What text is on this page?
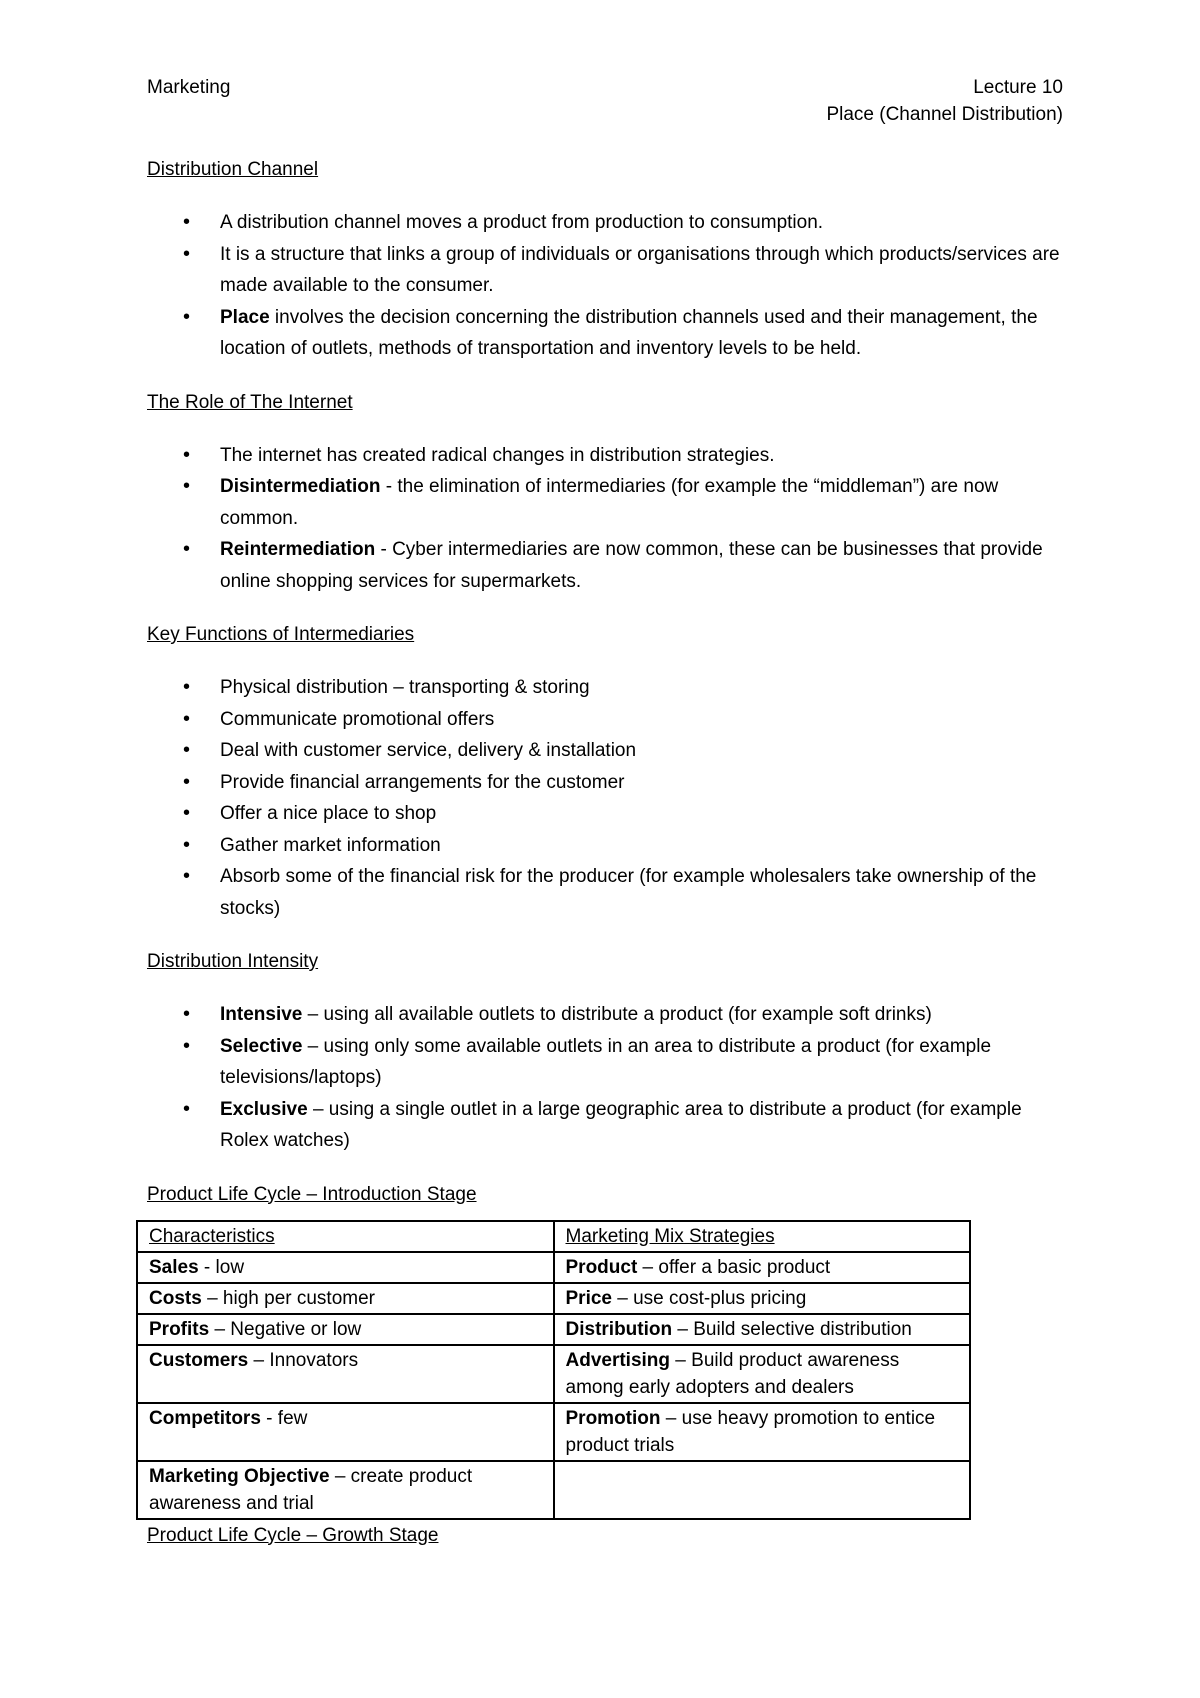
Marketing	Lecture 10
Place (Channel Distribution)

Distribution Channel

• A distribution channel moves a product from production to consumption.
• It is a structure that links a group of individuals or organisations through which products/services are made available to the consumer.
• Place involves the decision concerning the distribution channels used and their management, the location of outlets, methods of transportation and inventory levels to be held.

The Role of The Internet

• The internet has created radical changes in distribution strategies.
• Disintermediation - the elimination of intermediaries (for example the “middleman”) are now common.
• Reintermediation - Cyber intermediaries are now common, these can be businesses that provide online shopping services for supermarkets.

Key Functions of Intermediaries

• Physical distribution – transporting & storing
• Communicate promotional offers
• Deal with customer service, delivery & installation
• Provide financial arrangements for the customer
• Offer a nice place to shop
• Gather market information
• Absorb some of the financial risk for the producer (for example wholesalers take ownership of the stocks)

Distribution Intensity

• Intensive – using all available outlets to distribute a product (for example soft drinks)
• Selective – using only some available outlets in an area to distribute a product (for example televisions/laptops)
• Exclusive – using a single outlet in a large geographic area to distribute a product (for example Rolex watches)

Product Life Cycle – Introduction Stage

Characteristics	Marketing Mix Strategies
Sales - low	Product – offer a basic product
Costs – high per customer	Price – use cost-plus pricing
Profits – Negative or low	Distribution – Build selective distribution
Customers – Innovators	Advertising – Build product awareness among early adopters and dealers
Competitors - few	Promotion – use heavy promotion to entice product trials
Marketing Objective – create product awareness and trial	

Product Life Cycle – Growth Stage
